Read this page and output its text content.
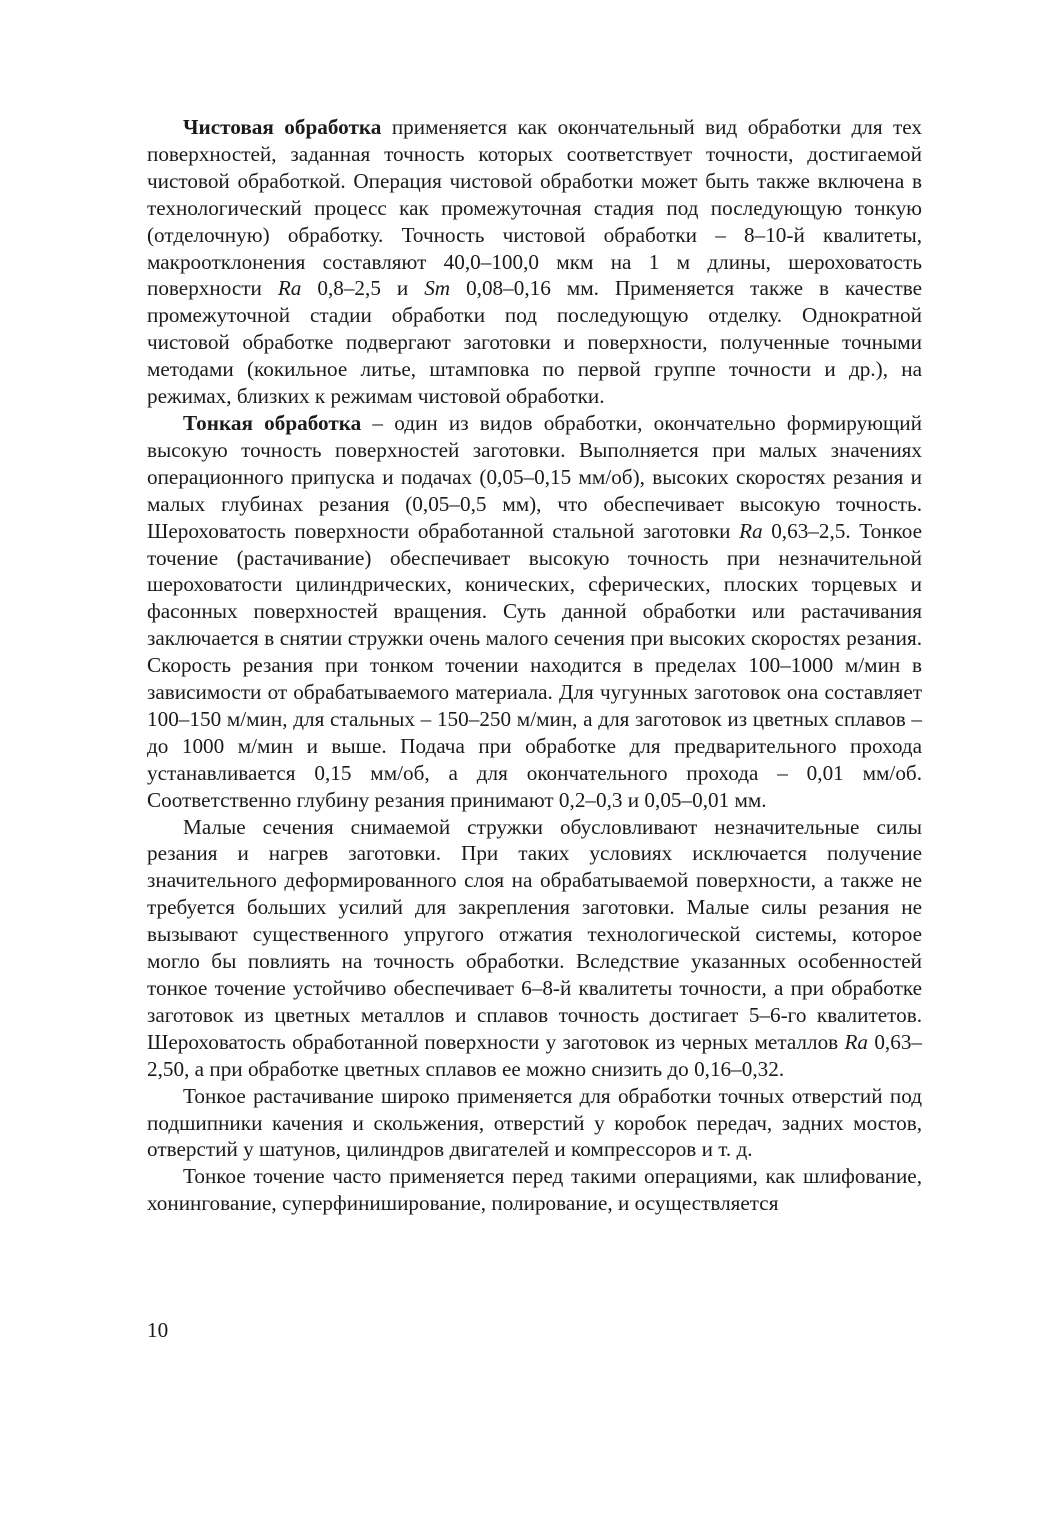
Чистовая обработка применяется как окончательный вид обработки для тех поверхностей, заданная точность которых соответствует точности, достигаемой чистовой обработкой. Операция чистовой обработки может быть также включена в технологический процесс как промежуточная стадия под последующую тонкую (отделочную) обработку. Точность чистовой обработки – 8–10-й квалитеты, макроотклонения составляют 40,0–100,0 мкм на 1 м длины, шероховатость поверхности Ra 0,8–2,5 и Sm 0,08–0,16 мм. Применяется также в качестве промежуточной стадии обработки под последующую отделку. Однократной чистовой обработке подвергают заготовки и поверхности, полученные точными методами (кокильное литье, штамповка по первой группе точности и др.), на режимах, близких к режимам чистовой обработки.

Тонкая обработка – один из видов обработки, окончательно формирующий высокую точность поверхностей заготовки. Выполняется при малых значениях операционного припуска и подачах (0,05–0,15 мм/об), высоких скоростях резания и малых глубинах резания (0,05–0,5 мм), что обеспечивает высокую точность. Шероховатость поверхности обработанной стальной заготовки Ra 0,63–2,5. Тонкое точение (растачивание) обеспечивает высокую точность при незначительной шероховатости цилиндрических, конических, сферических, плоских торцевых и фасонных поверхностей вращения. Суть данной обработки или растачивания заключается в снятии стружки очень малого сечения при высоких скоростях резания. Скорость резания при тонком точении находится в пределах 100–1000 м/мин в зависимости от обрабатываемого материала. Для чугунных заготовок она составляет 100–150 м/мин, для стальных – 150–250 м/мин, а для заготовок из цветных сплавов – до 1000 м/мин и выше. Подача при обработке для предварительного прохода устанавливается 0,15 мм/об, а для окончательного прохода – 0,01 мм/об. Соответственно глубину резания принимают 0,2–0,3 и 0,05–0,01 мм.

Малые сечения снимаемой стружки обусловливают незначительные силы резания и нагрев заготовки. При таких условиях исключается получение значительного деформированного слоя на обрабатываемой поверхности, а также не требуется больших усилий для закрепления заготовки. Малые силы резания не вызывают существенного упругого отжатия технологической системы, которое могло бы повлиять на точность обработки. Вследствие указанных особенностей тонкое точение устойчиво обеспечивает 6–8-й квалитеты точности, а при обработке заготовок из цветных металлов и сплавов точность достигает 5–6-го квалитетов. Шероховатость обработанной поверхности у заготовок из черных металлов Ra 0,63–2,50, а при обработке цветных сплавов ее можно снизить до 0,16–0,32.

Тонкое растачивание широко применяется для обработки точных отверстий под подшипники качения и скольжения, отверстий у коробок передач, задних мостов, отверстий у шатунов, цилиндров двигателей и компрессоров и т. д.

Тонкое точение часто применяется перед такими операциями, как шлифование, хонингование, суперфиниширование, полирование, и осуществляется

10
